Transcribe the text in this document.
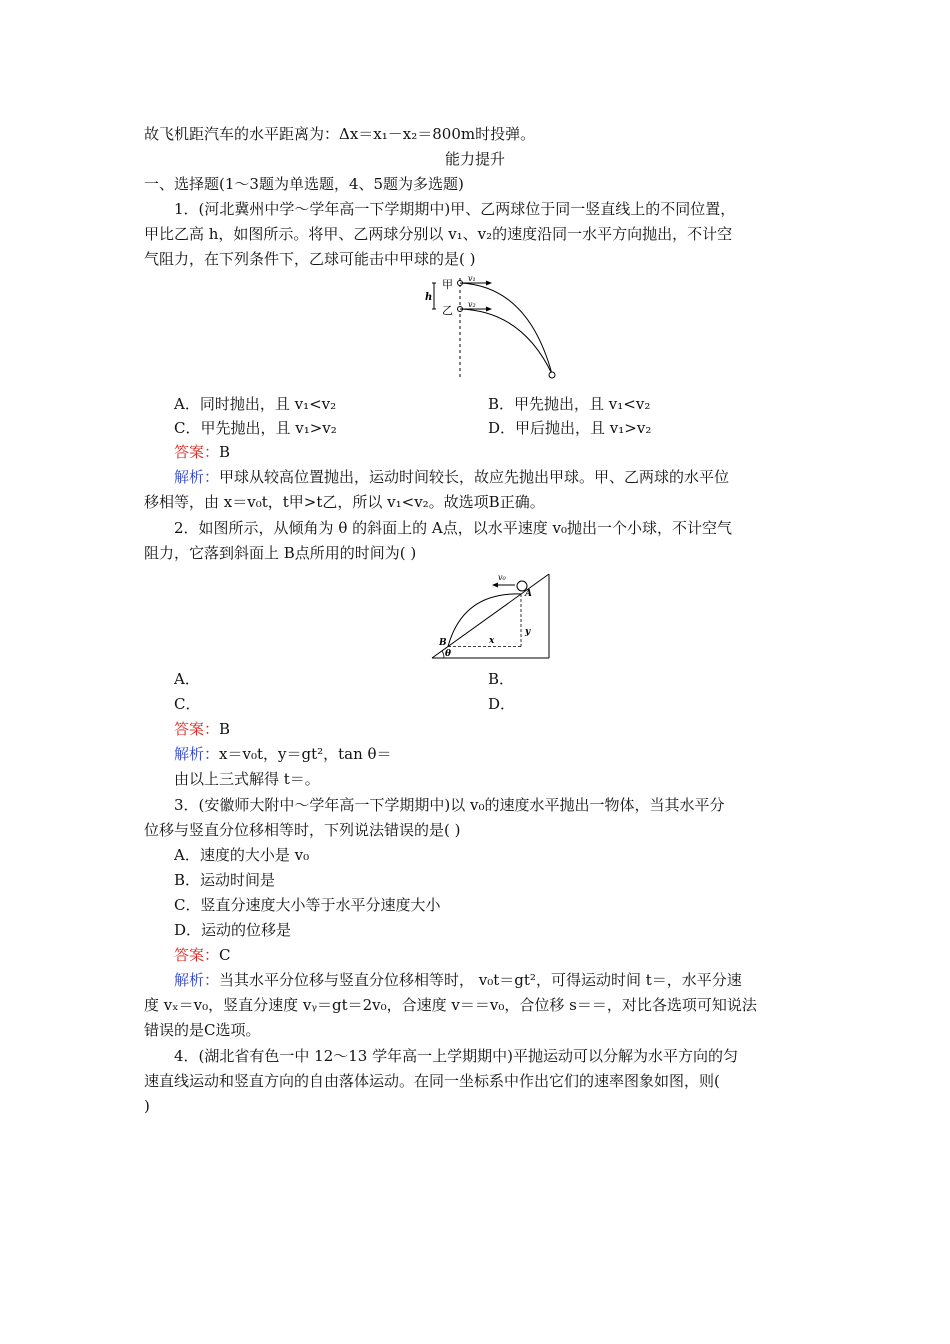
故飞机距汽车的水平距离为：Δx＝x₁－x₂＝800m时投弹。
能力提升
一、选择题(1～3题为单选题，4、5题为多选题)
1．(河北冀州中学～学年高一下学期期中)甲、乙两球位于同一竖直线上的不同位置，
甲比乙高 h，如图所示。将甲、乙两球分别以 v₁、v₂的速度沿同一水平方向抛出，不计空
气阻力，在下列条件下，乙球可能击中甲球的是( )
甲
乙
h
v₁
v₂
A．同时抛出，且 v₁<v₂	B．甲先抛出，且 v₁<v₂
C．甲先抛出，且 v₁>v₂	D．甲后抛出，且 v₁>v₂
答案：B
解析：甲球从较高位置抛出，运动时间较长，故应先抛出甲球。甲、乙两球的水平位
移相等，由 x＝v₀t，t甲>t乙，所以 v₁<v₂。故选项B正确。
2．如图所示，从倾角为 θ 的斜面上的 A点，以水平速度 v₀抛出一个小球，不计空气
阻力，它落到斜面上 B点所用的时间为( )
v₀
A
B	x
y
θ
A．	B．
C．	D．
答案：B
解析：x＝v₀t，y＝gt²，tan θ＝
由以上三式解得 t＝。
3．(安徽师大附中～学年高一下学期期中)以 v₀的速度水平抛出一物体，当其水平分
位移与竖直分位移相等时，下列说法错误的是( )
A．速度的大小是 v₀
B．运动时间是
C．竖直分速度大小等于水平分速度大小
D．运动的位移是
答案：C
解析：当其水平分位移与竖直分位移相等时， v₀t＝gt²，可得运动时间 t＝，水平分速
度 vₓ＝v₀，竖直分速度 vᵧ＝gt＝2v₀，合速度 v＝＝v₀，合位移 s＝＝，对比各选项可知说法
错误的是C选项。
4．(湖北省有色一中 12～13 学年高一上学期期中)平抛运动可以分解为水平方向的匀
速直线运动和竖直方向的自由落体运动。在同一坐标系中作出它们的速率图象如图，则(
)
